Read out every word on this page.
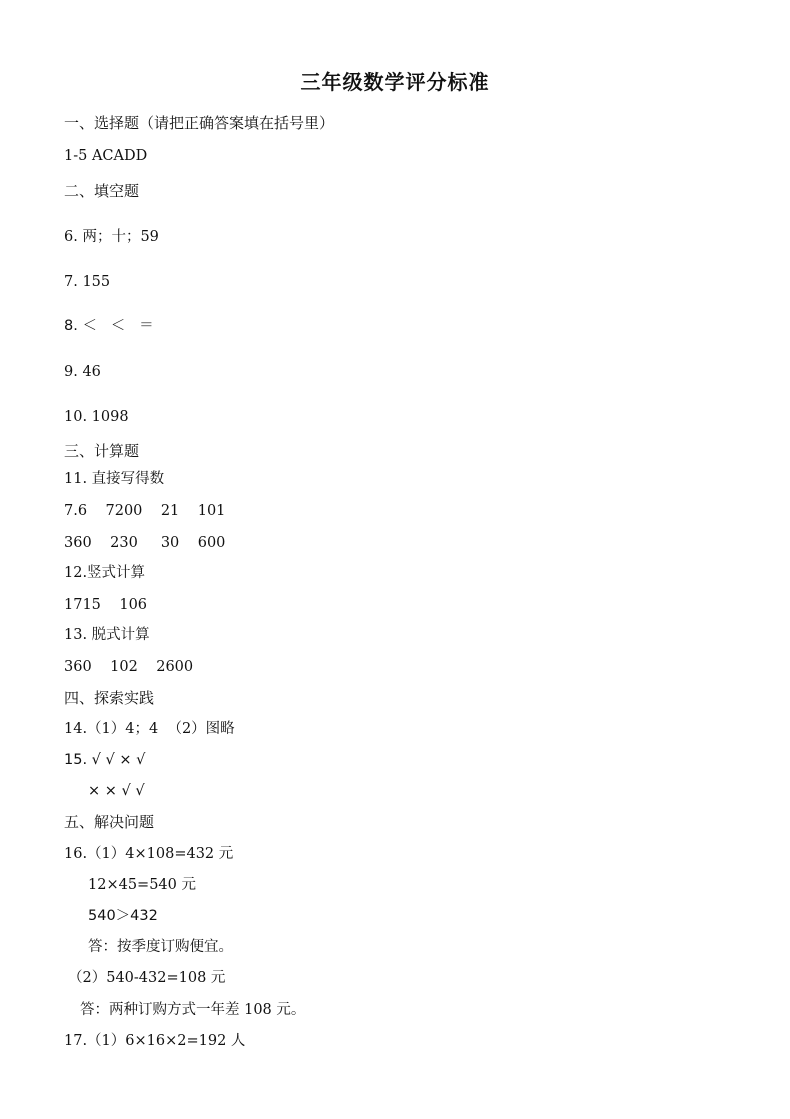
三年级数学评分标准
一、选择题（请把正确答案填在括号里）
1-5 ACADD
二、填空题
6. 两；十；59
7. 155
8. ＜   ＜   ＝
9. 46
10. 1098
三、计算题
11. 直接写得数
7.6    7200    21    101
360    230     30    600
12.竖式计算
1715    106
13. 脱式计算
360    102    2600
四、探索实践
14.（1）4；4  （2）图略
15. √ √ × √
× × √ √
五、解决问题
16.（1）4×108=432 元
12×45=540 元
540＞432
答：按季度订购便宜。
（2）540-432=108 元
答：两种订购方式一年差 108 元。
17.（1）6×16×2=192 人
